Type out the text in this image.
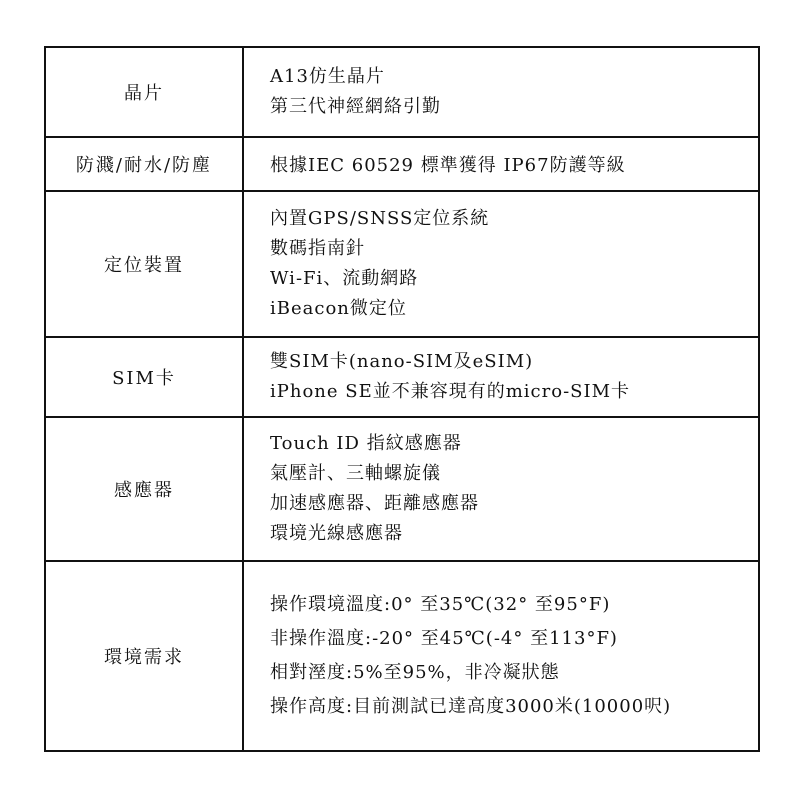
晶片	A13仿生晶片
第三代神經網絡引勤

防濺/耐水/防塵	根據IEC 60529 標準獲得 IP67防護等級

定位裝置	內置GPS/SNSS定位系統
數碼指南針
Wi-Fi、流動網路
iBeacon微定位

SIM卡	雙SIM卡(nano-SIM及eSIM)
iPhone SE並不兼容現有的micro-SIM卡

感應器	Touch ID 指紋感應器
氣壓計、三軸螺旋儀
加速感應器、距離感應器
環境光線感應器

環境需求	操作環境溫度:0° 至35℃(32° 至95°F)
非操作溫度:-20° 至45℃(-4° 至113°F)
相對溼度:5%至95%，非冷凝狀態
操作高度:目前測試已達高度3000米(10000呎)
